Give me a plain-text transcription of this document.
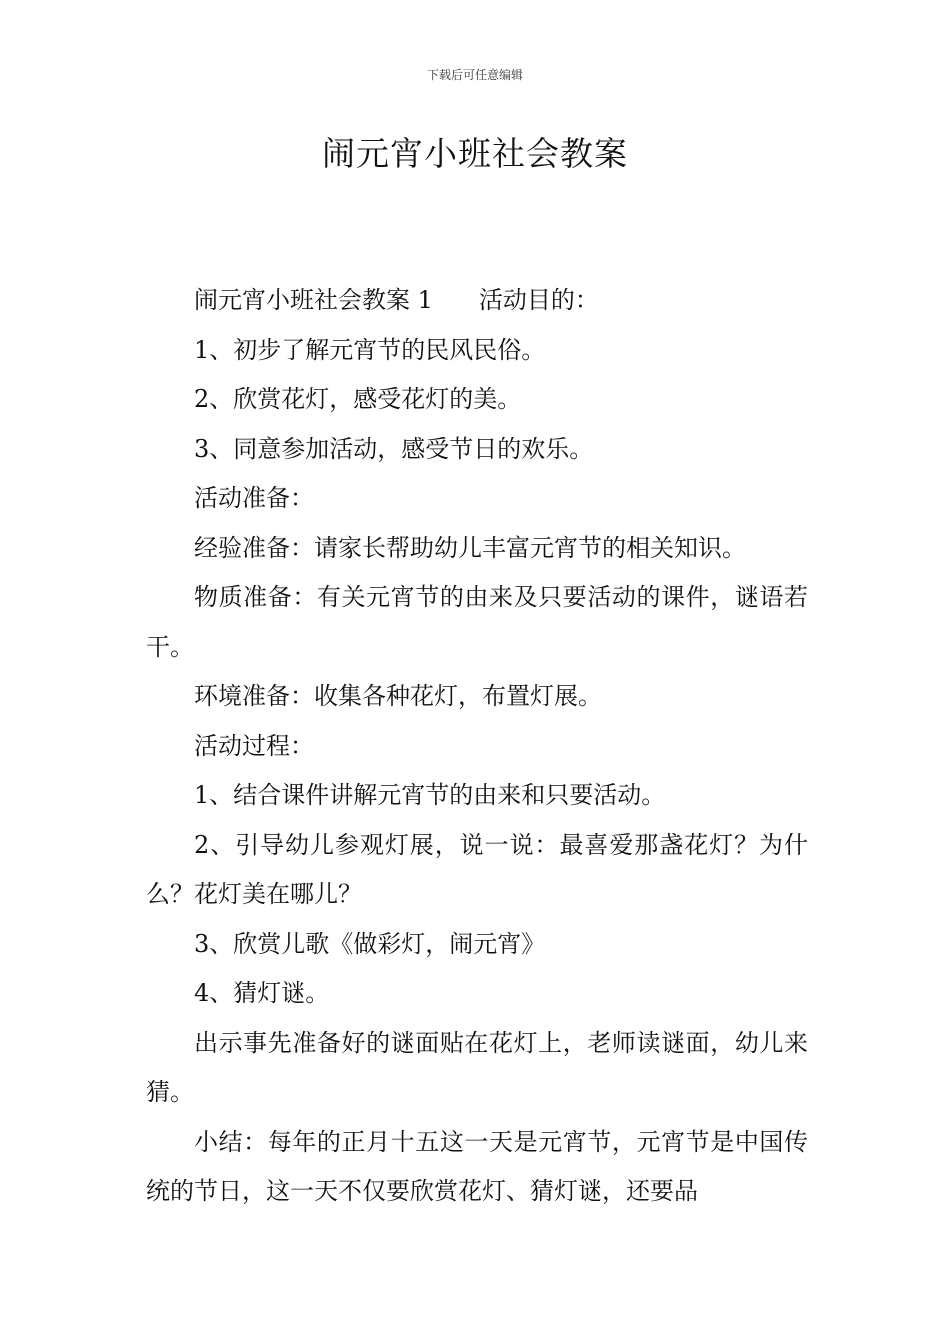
下载后可任意编辑
闹元宵小班社会教案

闹元宵小班社会教案 1 活动目的：

1、初步了解元宵节的民风民俗。

2、欣赏花灯，感受花灯的美。

3、同意参加活动，感受节日的欢乐。

活动准备：

经验准备：请家长帮助幼儿丰富元宵节的相关知识。

物质准备：有关元宵节的由来及只要活动的课件，谜语若干。

环境准备：收集各种花灯，布置灯展。

活动过程：

1、结合课件讲解元宵节的由来和只要活动。

2、引导幼儿参观灯展，说一说：最喜爱那盏花灯？为什么？花灯美在哪儿？

3、欣赏儿歌《做彩灯，闹元宵》

4、猜灯谜。

出示事先准备好的谜面贴在花灯上，老师读谜面，幼儿来猜。

小结：每年的正月十五这一天是元宵节，元宵节是中国传统的节日，这一天不仅要欣赏花灯、猜灯谜，还要品
